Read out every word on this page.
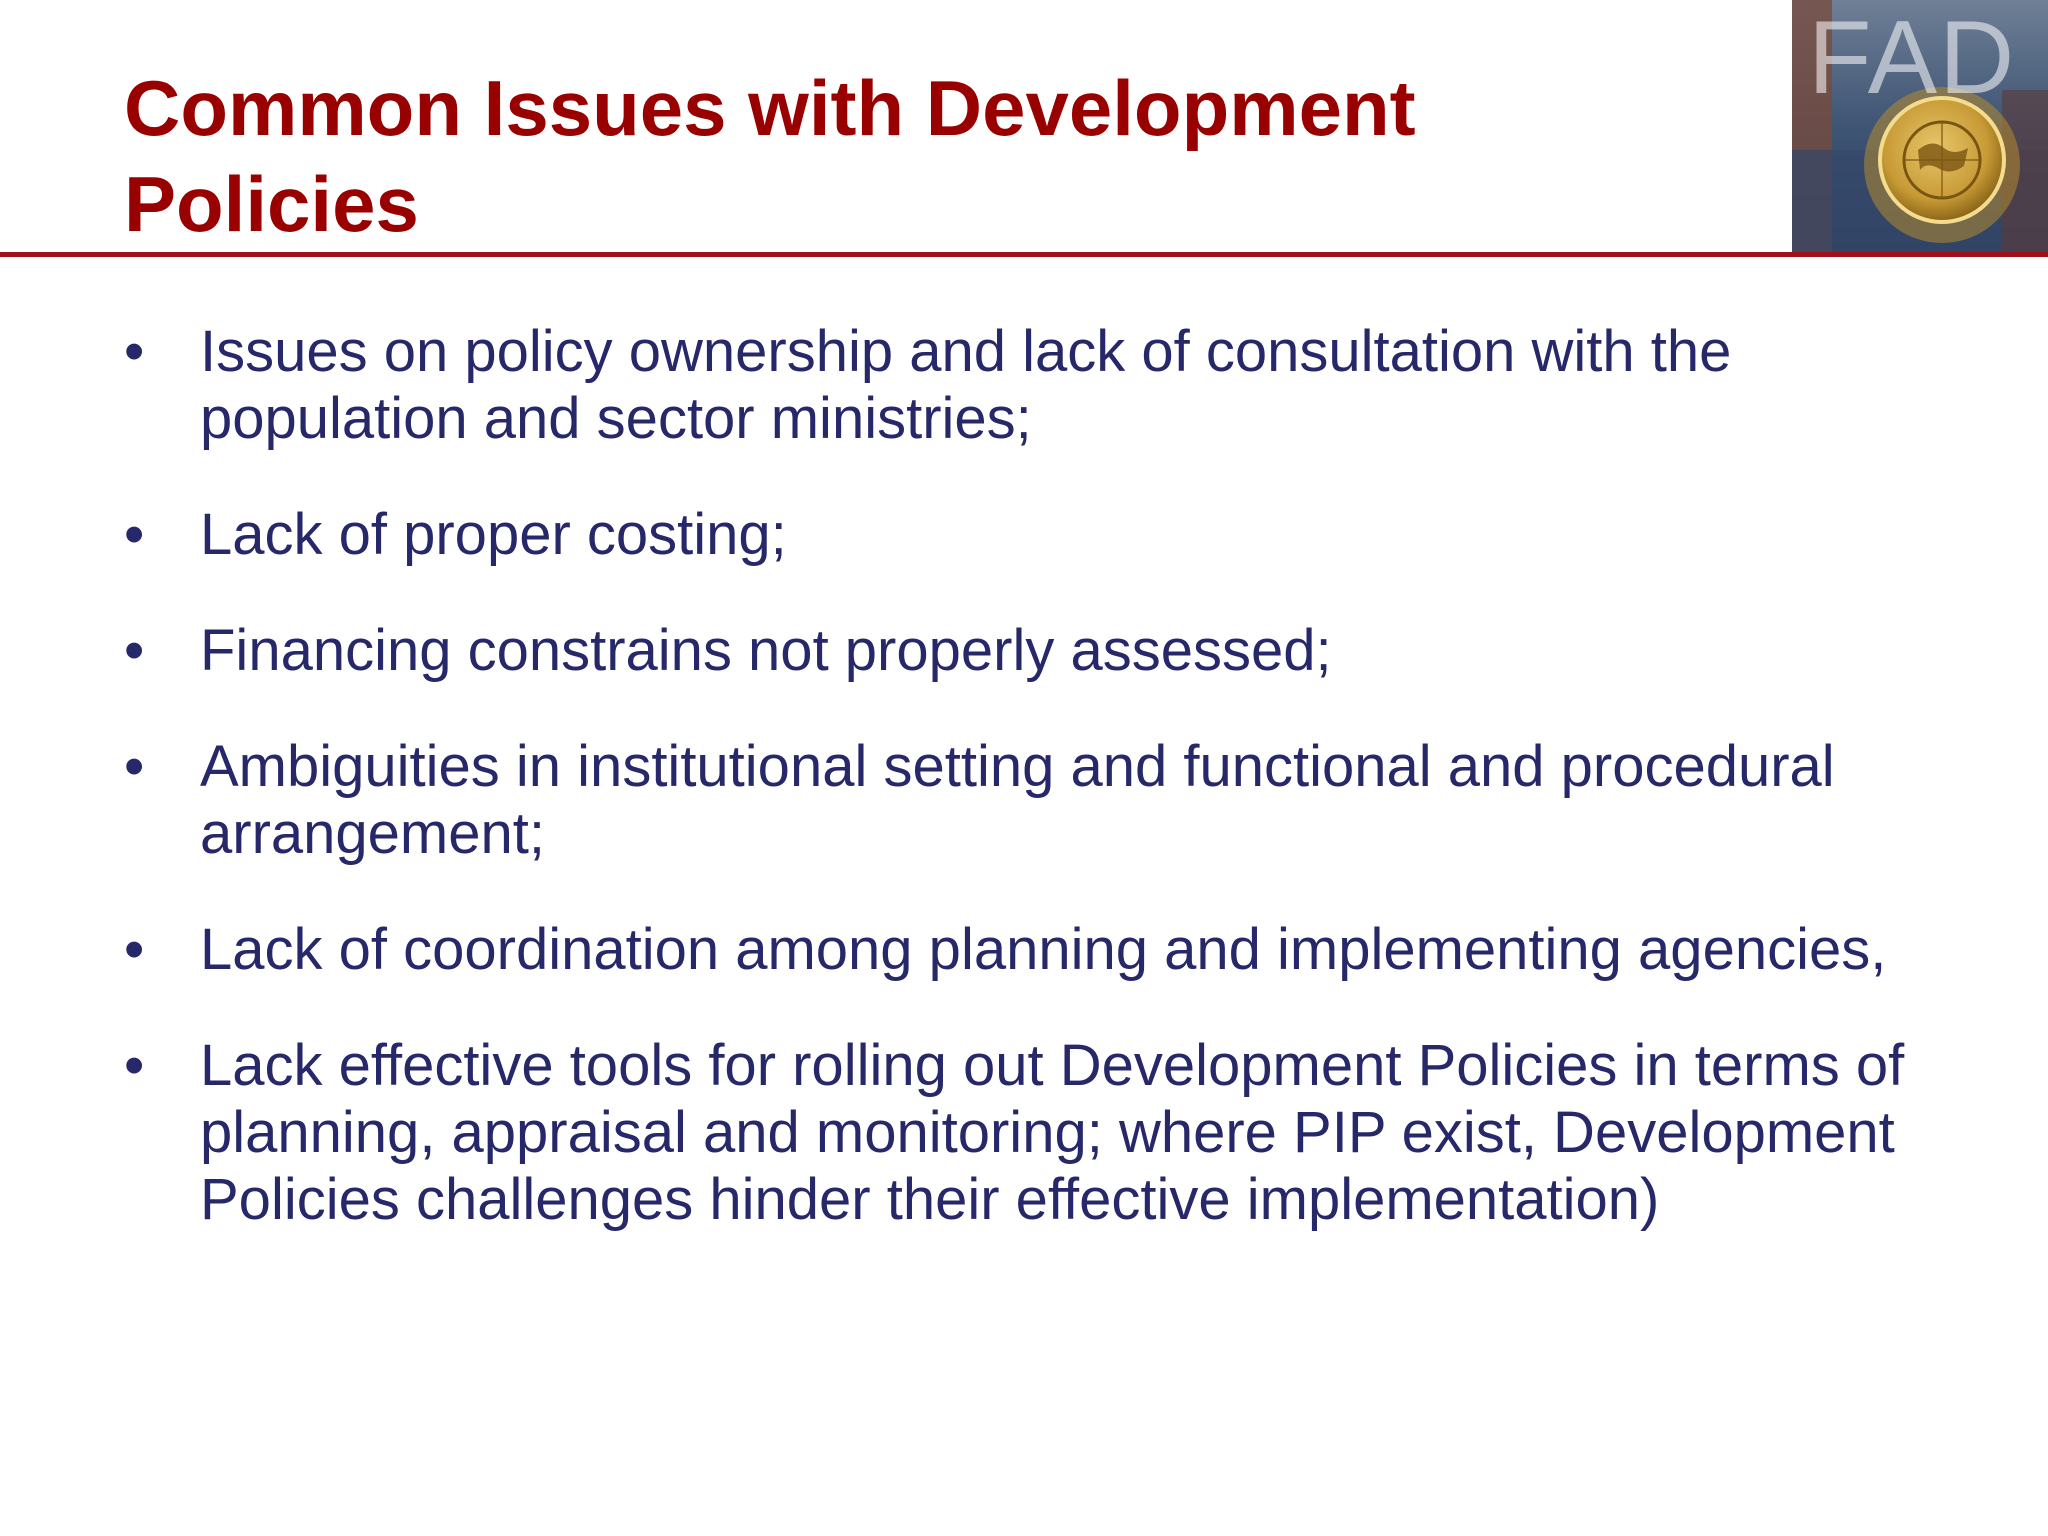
Common Issues with Development Policies
FAD
• Issues on policy ownership and lack of consultation with the population and sector ministries;
• Lack of proper costing;
• Financing constrains not properly assessed;
• Ambiguities in institutional setting and functional and procedural arrangement;
• Lack of coordination among planning and implementing agencies,
• Lack effective tools for rolling out Development Policies in terms of planning, appraisal and monitoring; where PIP exist, Development Policies challenges hinder their effective implementation)
